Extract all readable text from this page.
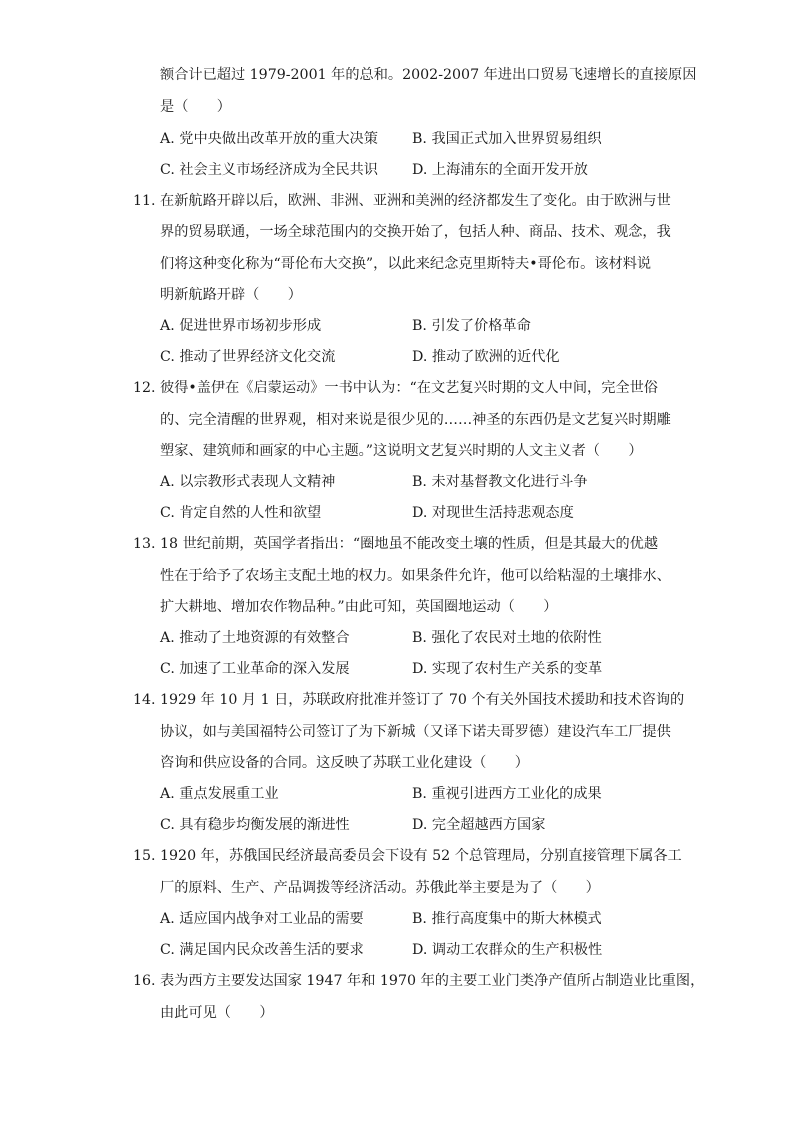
额合计已超过 1979-2001 年的总和。2002-2007 年进出口贸易飞速增长的直接原因
是（　　）
A. 党中央做出改革开放的重大决策 B. 我国正式加入世界贸易组织
C. 社会主义市场经济成为全民共识 D. 上海浦东的全面开发开放
11. 在新航路开辟以后，欧洲、非洲、亚洲和美洲的经济都发生了变化。由于欧洲与世
界的贸易联通，一场全球范围内的交换开始了，包括人种、商品、技术、观念，我
们将这种变化称为“哥伦布大交换”，以此来纪念克里斯特夫•哥伦布。该材料说
明新航路开辟（　　）
A. 促进世界市场初步形成	B. 引发了价格革命
C. 推动了世界经济文化交流	D. 推动了欧洲的近代化
12. 彼得•盖伊在《启蒙运动》一书中认为：“在文艺复兴时期的文人中间，完全世俗
的、完全清醒的世界观，相对来说是很少见的……神圣的东西仍是文艺复兴时期雕
塑家、建筑师和画家的中心主题。”这说明文艺复兴时期的人文主义者（　　）
A. 以宗教形式表现人文精神	B. 未对基督教文化进行斗争
C. 肯定自然的人性和欲望	D. 对现世生活持悲观态度
13. 18 世纪前期，英国学者指出：“圈地虽不能改变土壤的性质，但是其最大的优越
性在于给予了农场主支配土地的权力。如果条件允许，他可以给粘湿的土壤排水、
扩大耕地、增加农作物品种。”由此可知，英国圈地运动（　　）
A. 推动了土地资源的有效整合	B. 强化了农民对土地的依附性
C. 加速了工业革命的深入发展	D. 实现了农村生产关系的变革
14. 1929 年 10 月 1 日，苏联政府批准并签订了 70 个有关外国技术援助和技术咨询的
协议，如与美国福特公司签订了为下新城（又译下诺夫哥罗德）建设汽车工厂提供
咨询和供应设备的合同。这反映了苏联工业化建设（　　）
A. 重点发展重工业	B. 重视引进西方工业化的成果
C. 具有稳步均衡发展的渐进性	D. 完全超越西方国家
15. 1920 年，苏俄国民经济最高委员会下设有 52 个总管理局，分别直接管理下属各工
厂的原料、生产、产品调拨等经济活动。苏俄此举主要是为了（　　）
A. 适应国内战争对工业品的需要	B. 推行高度集中的斯大林模式
C. 满足国内民众改善生活的要求	D. 调动工农群众的生产积极性
16. 表为西方主要发达国家 1947 年和 1970 年的主要工业门类净产值所占制造业比重图，
由此可见（　　）
